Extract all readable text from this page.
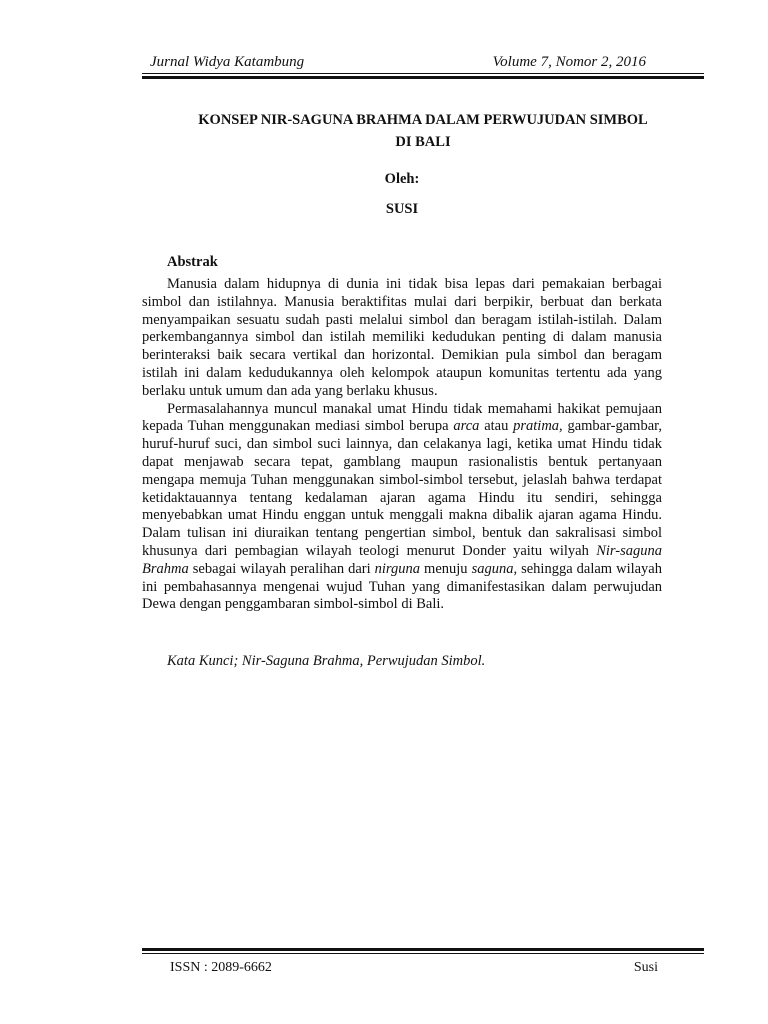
Jurnal Widya Katambung	Volume 7, Nomor 2, 2016
KONSEP NIR-SAGUNA BRAHMA DALAM PERWUJUDAN SIMBOL
DI BALI
Oleh:
SUSI
Abstrak

Manusia dalam hidupnya di dunia ini tidak bisa lepas dari pemakaian berbagai simbol dan istilahnya. Manusia beraktifitas mulai dari berpikir, berbuat dan berkata menyampaikan sesuatu sudah pasti melalui simbol dan beragam istilah-istilah. Dalam perkembangannya simbol dan istilah memiliki kedudukan penting di dalam manusia berinteraksi baik secara vertikal dan horizontal. Demikian pula simbol dan beragam istilah ini dalam kedudukannya oleh kelompok ataupun komunitas tertentu ada yang berlaku untuk umum dan ada yang berlaku khusus.

Permasalahannya muncul manakal umat Hindu tidak memahami hakikat pemujaan kepada Tuhan menggunakan mediasi simbol berupa arca atau pratima, gambar-gambar, huruf-huruf suci, dan simbol suci lainnya, dan celakanya lagi, ketika umat Hindu tidak dapat menjawab secara tepat, gamblang maupun rasionalistis bentuk pertanyaan mengapa memuja Tuhan menggunakan simbol-simbol tersebut, jelaslah bahwa terdapat ketidaktauannya tentang kedalaman ajaran agama Hindu itu sendiri, sehingga menyebabkan umat Hindu enggan untuk menggali makna dibalik ajaran agama Hindu. Dalam tulisan ini diuraikan tentang pengertian simbol, bentuk dan sakralisasi simbol khusunya dari pembagian wilayah teologi menurut Donder yaitu wilyah Nir-saguna Brahma sebagai wilayah peralihan dari nirguna menuju saguna, sehingga dalam wilayah ini pembahasannya mengenai wujud Tuhan yang dimanifestasikan dalam perwujudan Dewa dengan penggambaran simbol-simbol di Bali.

Kata Kunci; Nir-Saguna Brahma, Perwujudan Simbol.
ISSN : 2089-6662	Susi
